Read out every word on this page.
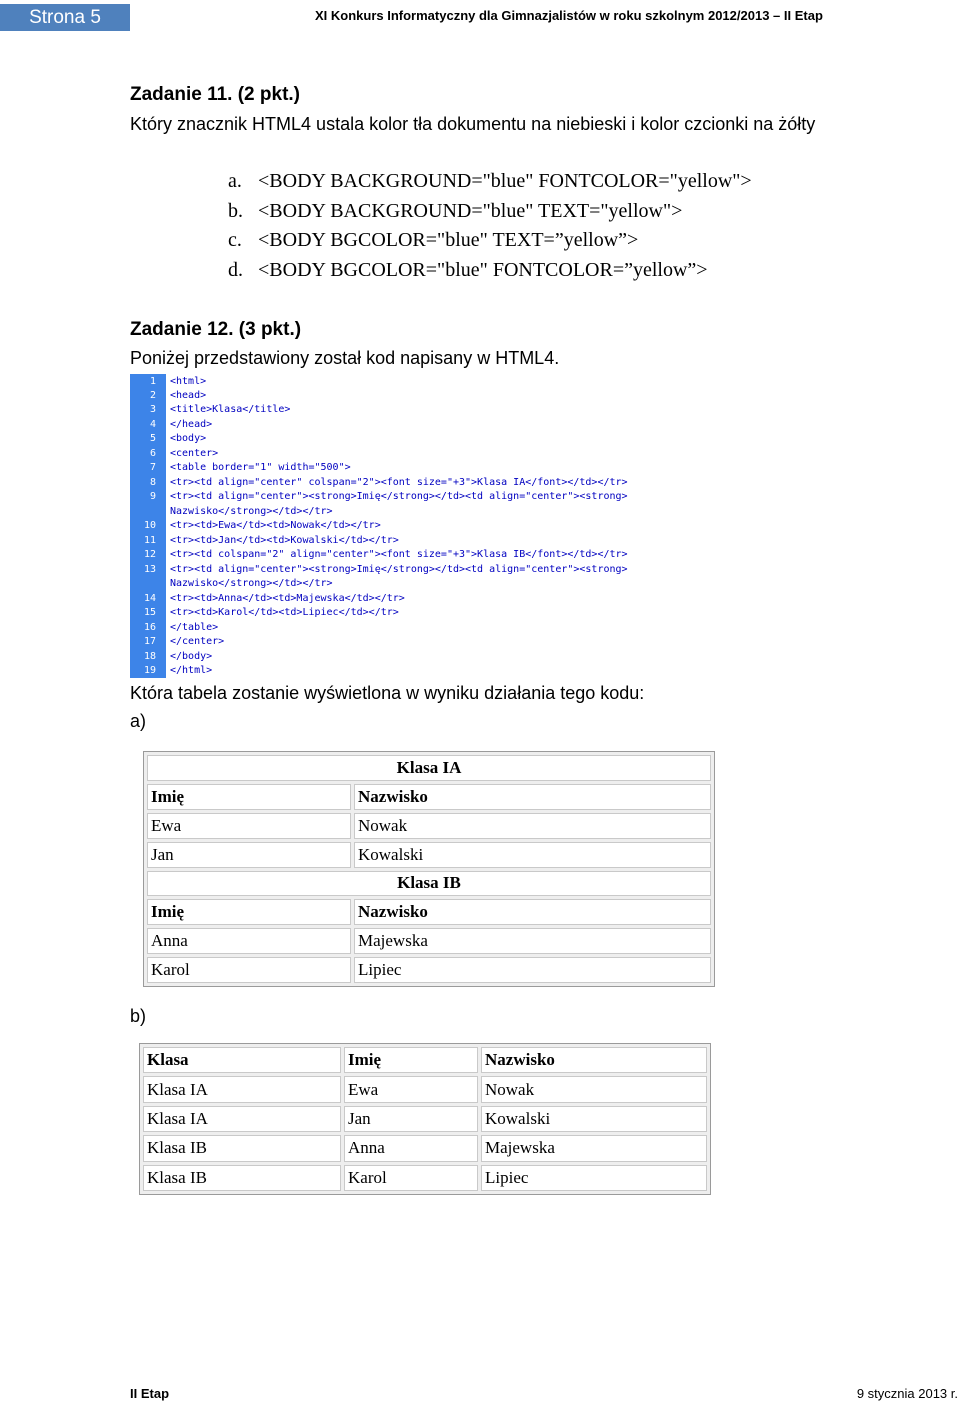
Strona 5	XI Konkurs Informatyczny dla Gimnazjalistów w roku szkolnym 2012/2013 – II Etap
Zadanie 11. (2 pkt.)
Który znacznik HTML4 ustala kolor tła dokumentu na niebieski i kolor czcionki na żółty
a. <BODY BACKGROUND="blue" FONTCOLOR="yellow">
b. <BODY BACKGROUND="blue" TEXT="yellow">
c. <BODY BGCOLOR="blue" TEXT=”yellow”>
d. <BODY BGCOLOR="blue" FONTCOLOR=”yellow”>
Zadanie 12. (3 pkt.)
Poniżej przedstawiony został kod napisany w HTML4.
1 <html>
2 <head>
3 <title>Klasa</title>
4 </head>
5 <body>
6 <center>
7 <table border="1" width="500">
8 <tr><td align="center" colspan="2"><font size="+3">Klasa IA</font></td></tr>
9 <tr><td align="center"><strong>Imię</strong></td><td align="center"><strong>
Nazwisko</strong></td></tr>
10 <tr><td>Ewa</td><td>Nowak</td></tr>
11 <tr><td>Jan</td><td>Kowalski</td></tr>
12 <tr><td colspan="2" align="center"><font size="+3">Klasa IB</font></td></tr>
13 <tr><td align="center"><strong>Imię</strong></td><td align="center"><strong>
Nazwisko</strong></td></tr>
14 <tr><td>Anna</td><td>Majewska</td></tr>
15 <tr><td>Karol</td><td>Lipiec</td></tr>
16 </table>
17 </center>
18 </body>
19 </html>
Która tabela zostanie wyświetlona w wyniku działania tego kodu:
a)
Klasa IA	
Imię	Nazwisko
Ewa	Nowak
Jan	Kowalski
Klasa IB	
Imię	Nazwisko
Anna	Majewska
Karol	Lipiec
b)
Klasa	Imię	Nazwisko
Klasa IA	Ewa	Nowak
Klasa IA	Jan	Kowalski
Klasa IB	Anna	Majewska
Klasa IB	Karol	Lipiec
II Etap	9 stycznia 2013 r.
